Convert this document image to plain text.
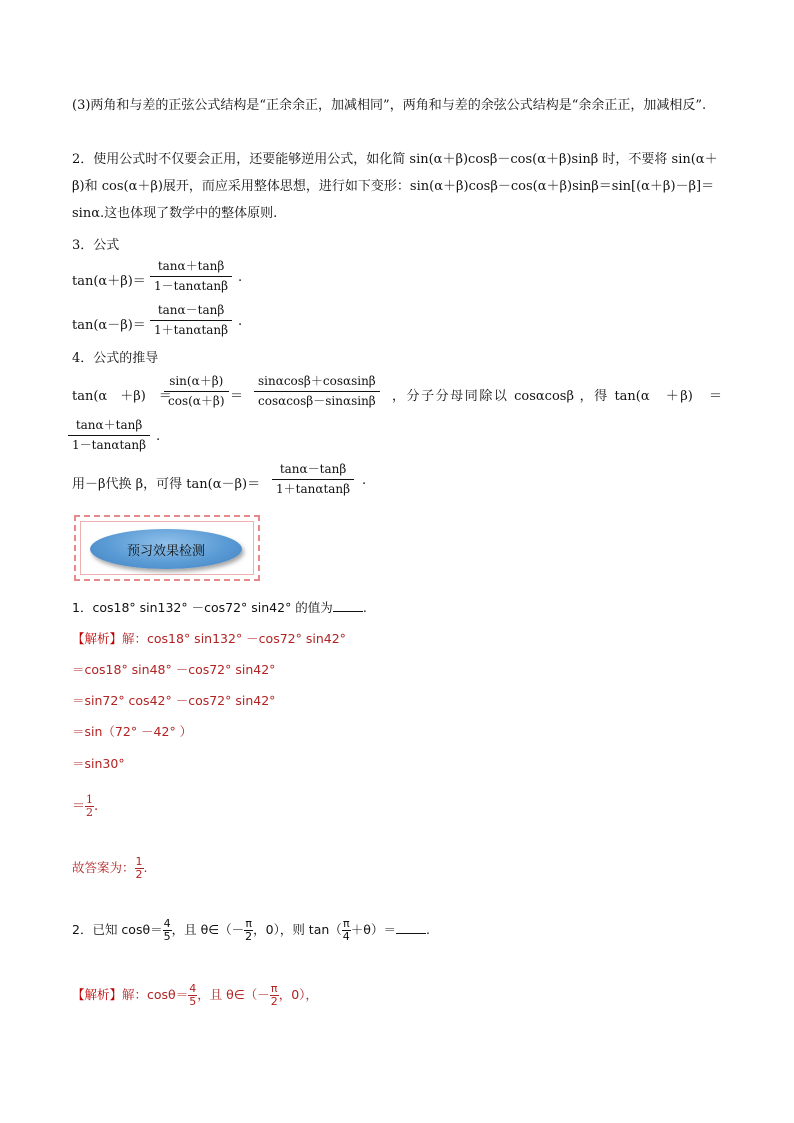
(3)两角和与差的正弦公式结构是“正余余正，加减相同”，两角和与差的余弦公式结构是“余余正正，加减相反”.
2．使用公式时不仅要会正用，还要能够逆用公式，如化简 sin(α＋β)cosβ－cos(α＋β)sinβ 时，不要将 sin(α＋β)和 cos(α＋β)展开，而应采用整体思想，进行如下变形：sin(α＋β)cosβ－cos(α＋β)sinβ＝sin[(α＋β)－β]＝sinα.这也体现了数学中的整体原则.
3．公式
tan(α＋β)＝
tanα＋tanβ
1－tanαtanβ
.
tan(α－β)＝
tanα－tanβ
1＋tanαtanβ
.
4．公式的推导
tan(α　＋β)　＝
sin(α＋β)
cos(α＋β) ＝
sinαcosβ＋cosαsinβ
cosαcosβ－sinαsinβ	，分子分母同除以 cosαcosβ ，得 tan(α　＋β)　＝
tanα＋tanβ
1－tanαtanβ
.
用－β代换 β，可得 tan(α－β)＝
tanα－tanβ
1＋tanαtanβ
.
预习效果检测
1．cos18° sin132° －cos72° sin42° 的值为 .
【解析】解：cos18° sin132° －cos72° sin42°
＝cos18° sin48° －cos72° sin42°
＝sin72° cos42° －cos72° sin42°
＝sin（72° －42° ）
＝sin30°
＝ $\frac{1}{2}$ .
故答案为： $\frac{1}{2}$ .
2．已知 $\cos\theta= \frac{4}{5}$ ，且 θ∈（－ $\frac{\pi}{2}$ ，0），则 $\tan( \frac{\pi}{4} +\theta)=$ .
【解析】解：$\cos\theta= \frac{4}{5}$ ，且 θ∈（－ $\frac{\pi}{2}$ ，0），
